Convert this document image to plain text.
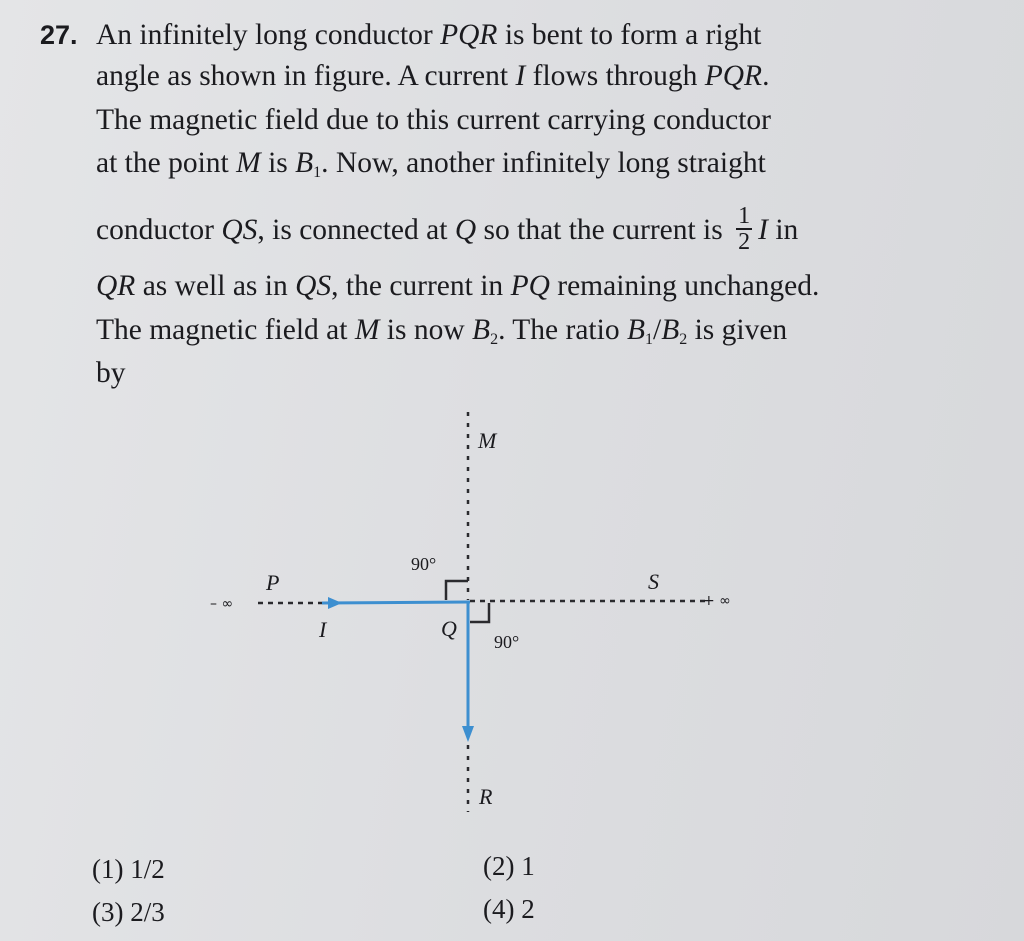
27. An infinitely long conductor PQR is bent to form a right
angle as shown in figure. A current I flows through PQR.
The magnetic field due to this current carrying conductor
at the point M is $B_1$. Now, another infinitely long straight
conductor QS, is connected at Q so that the current is $\frac{1}{2}$ I in
QR as well as in QS, the current in PQ remaining unchanged.
The magnetic field at M is now $B_2$. The ratio $B_1/B_2$ is given
by
M
P
Q
R
S
I
– ∞	+ ∞
90°
90°
(1) 1/2	(2) 1
(3) 2/3	(4) 2
